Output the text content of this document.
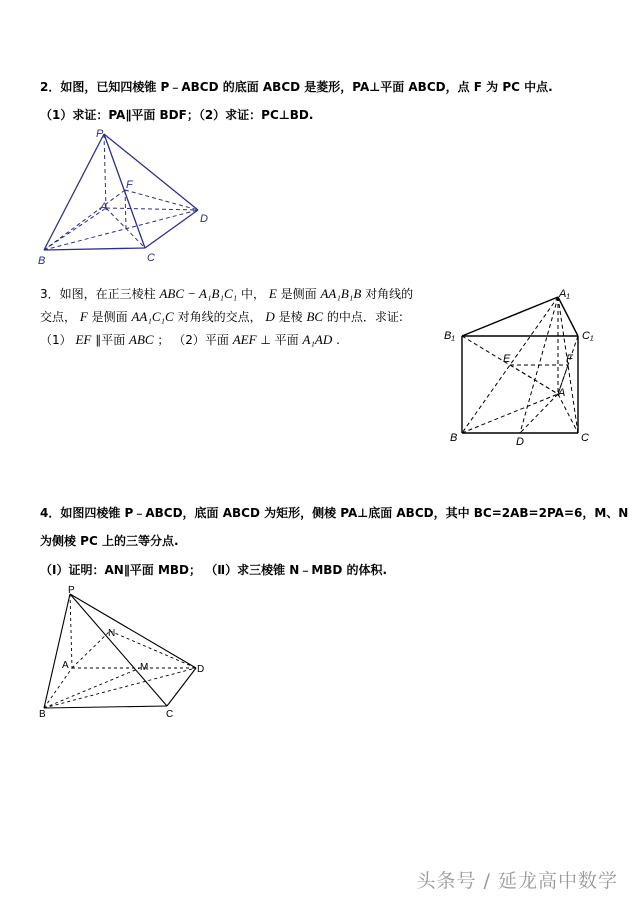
2．如图，已知四棱锥 P﹣ABCD 的底面 ABCD 是菱形，PA⊥平面 ABCD，点 F 为 PC 中点.
（1）求证：PA∥平面 BDF；（2）求证：PC⊥BD.
P
F
A
D
B	C
3．如图，在正三棱柱 ABC − A₁B₁C₁ 中， E 是侧面 AA₁B₁B 对角线的
交点， F 是侧面 AA₁C₁C 对角线的交点， D 是棱 BC 的中点．求证:
（1） EF ∥平面 ABC ； （2）平面 AEF ⊥ 平面 A₁AD .
A₁
B₁	C₁
E	F
A
B	C
D
4．如图四棱锥 P﹣ABCD，底面 ABCD 为矩形，侧棱 PA⊥底面 ABCD，其中 BC=2AB=2PA=6，M、N
为侧棱 PC 上的三等分点.
（Ⅰ）证明：AN∥平面 MBD； （Ⅱ）求三棱锥 N﹣MBD 的体积.
P
N
A	M	D
B	C
头条号 / 延龙高中数学
